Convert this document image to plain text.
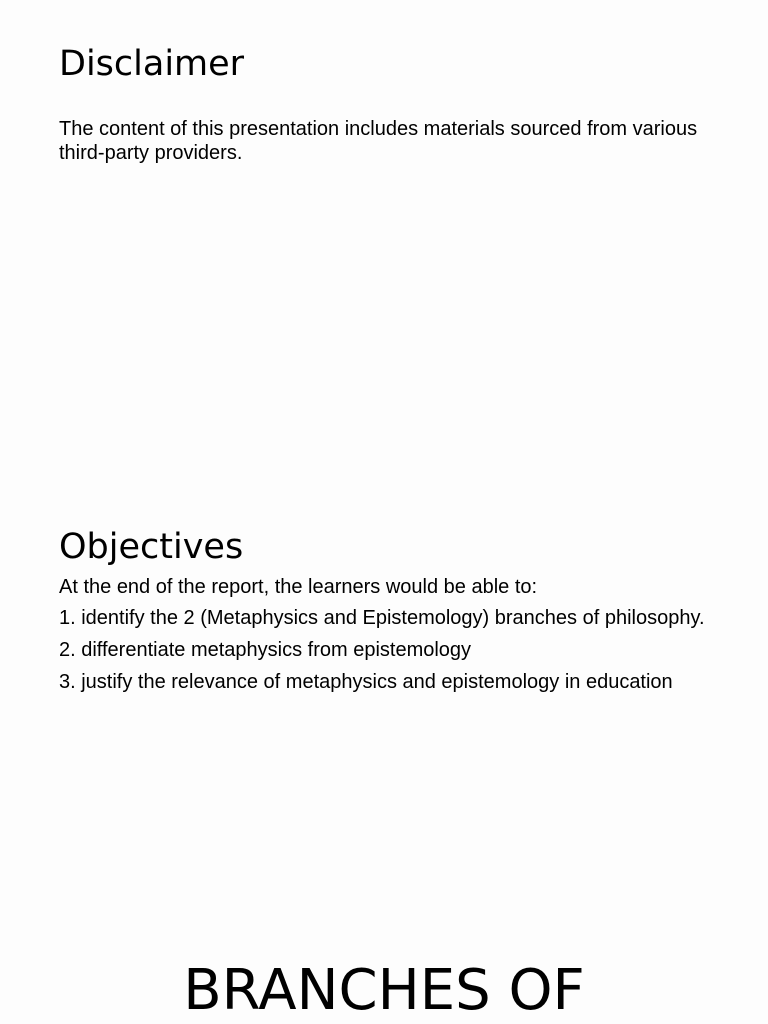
Disclaimer

The content of this presentation includes materials sourced from various third-party providers.

Objectives

At the end of the report, the learners would be able to:

1. identify the 2 (Metaphysics and Epistemology) branches of philosophy.
2. differentiate metaphysics from epistemology
3. justify the relevance of metaphysics and epistemology in education
BRANCHES OF
